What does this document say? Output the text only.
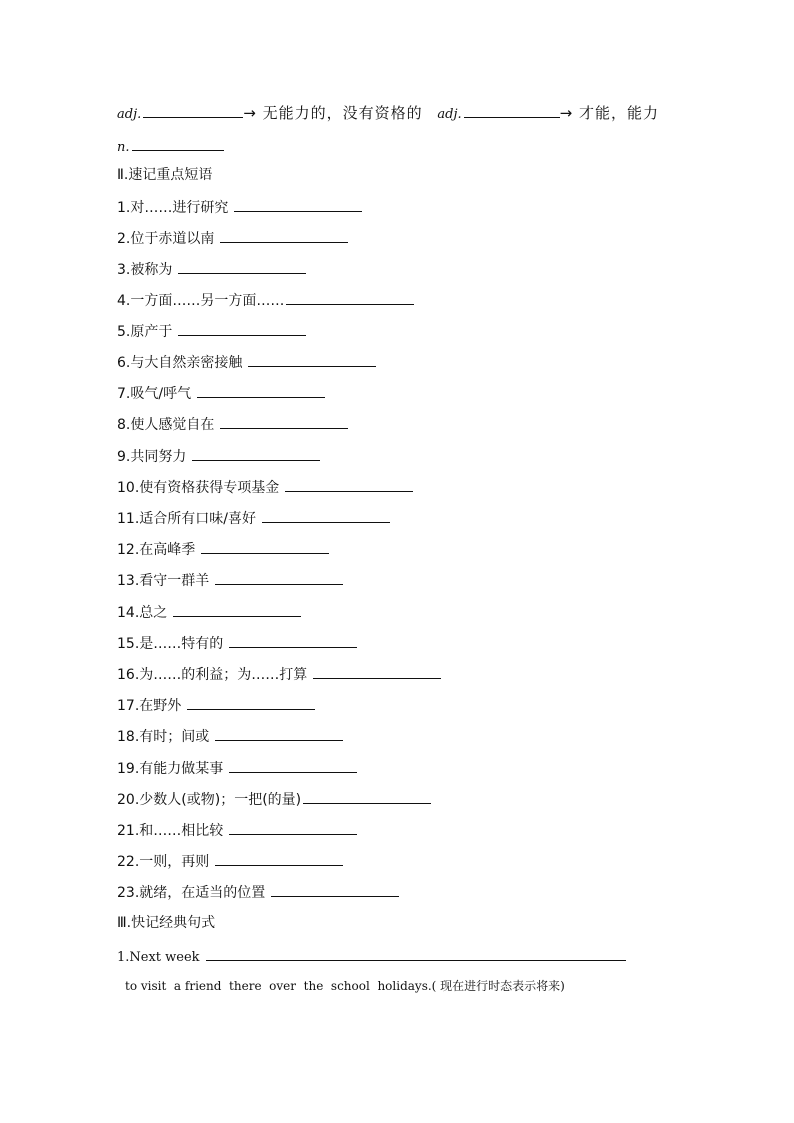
adj.	→ 无能力的，没有资格的 adj.	→ 才能，能力
n.
Ⅱ.速记重点短语
1.对……进行研究
2.位于赤道以南
3.被称为
4.一方面……另一方面……
5.原产于
6.与大自然亲密接触
7.吸气/呼气
8.使人感觉自在
9.共同努力
10.使有资格获得专项基金
11.适合所有口味/喜好
12.在高峰季
13.看守一群羊
14.总之
15.是……特有的
16.为……的利益；为……打算
17.在野外
18.有时；间或
19.有能力做某事
20.少数人(或物)；一把(的量)
21.和……相比较
22.一则，再则
23.就绪，在适当的位置
Ⅲ.快记经典句式
1.Next week
to visit  a friend  there  over  the  school  holidays.( 现在进行时态表示将来)
